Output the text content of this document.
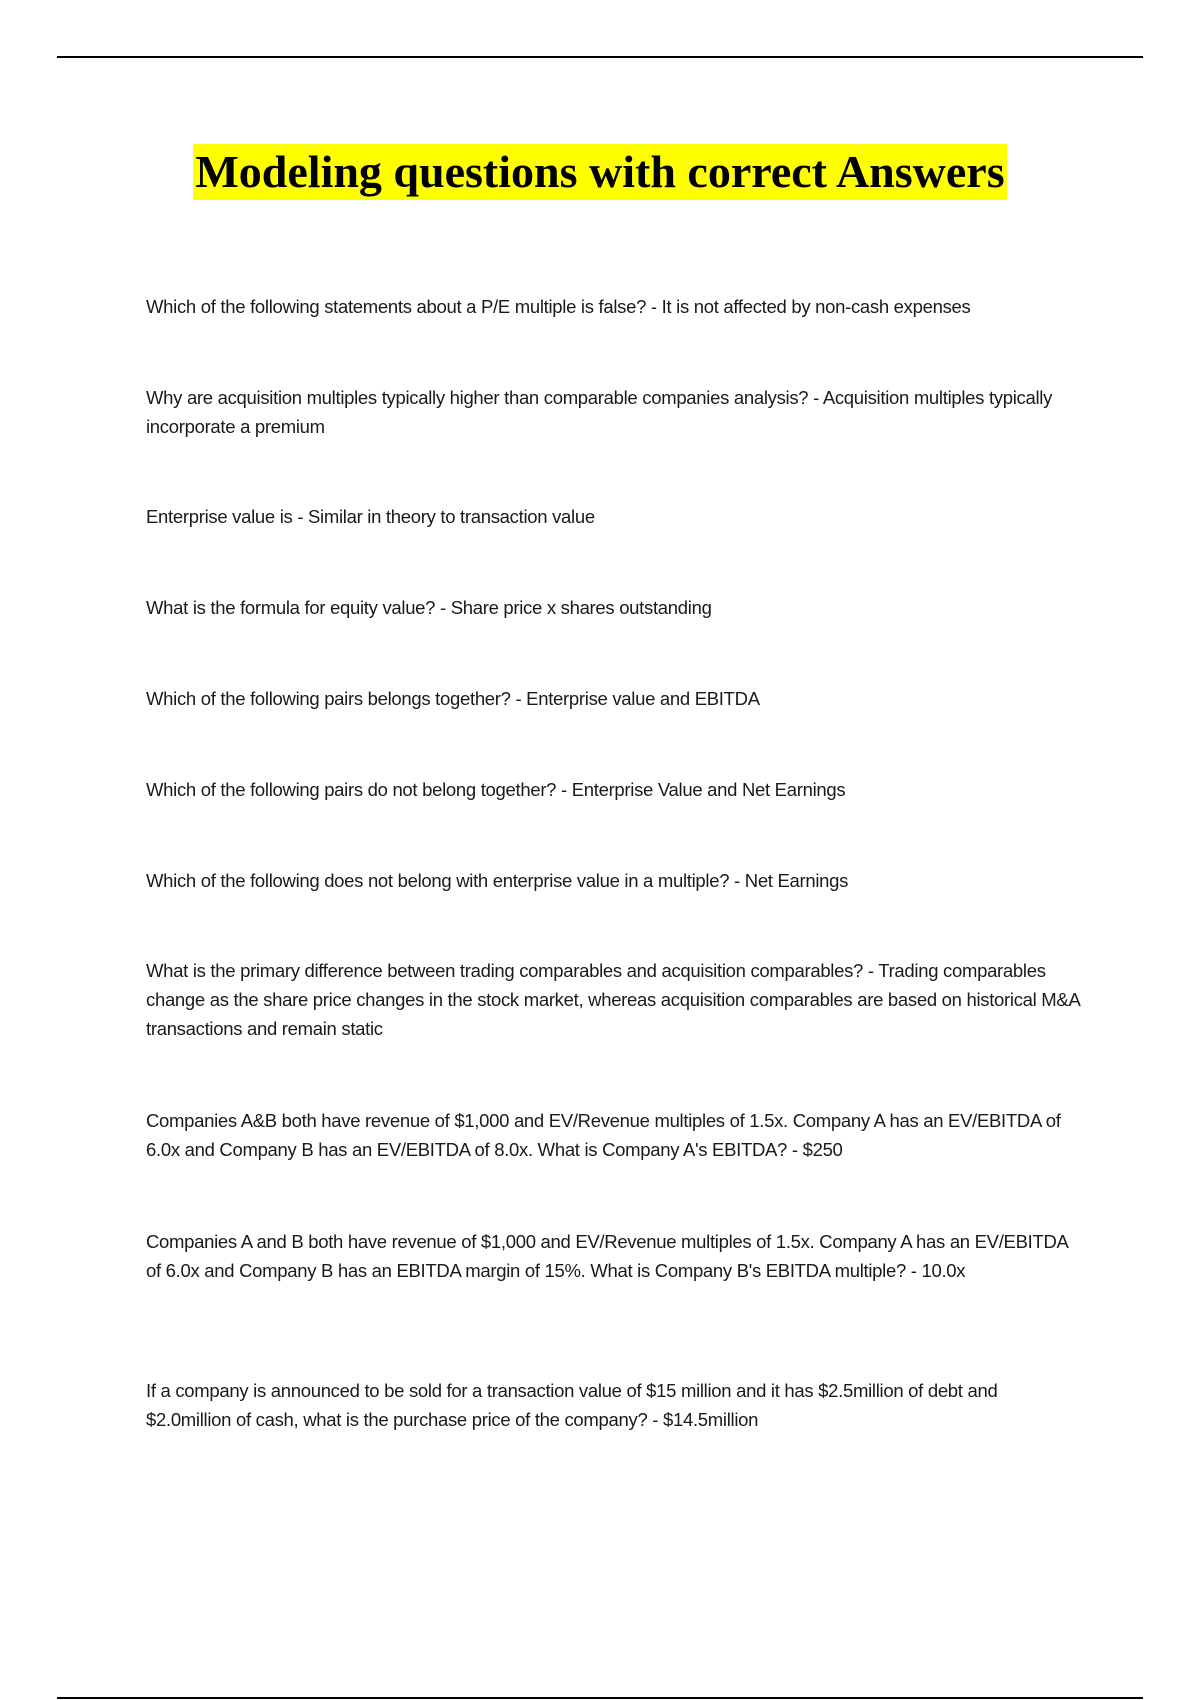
Modeling questions with correct Answers
Which of the following statements about a P/E multiple is false? - It is not affected by non-cash expenses
Why are acquisition multiples typically higher than comparable companies analysis? - Acquisition multiples typically incorporate a premium
Enterprise value is - Similar in theory to transaction value
What is the formula for equity value? - Share price x shares outstanding
Which of the following pairs belongs together? - Enterprise value and EBITDA
Which of the following pairs do not belong together? - Enterprise Value and Net Earnings
Which of the following does not belong with enterprise value in a multiple? - Net Earnings
What is the primary difference between trading comparables and acquisition comparables? - Trading comparables change as the share price changes in the stock market, whereas acquisition comparables are based on historical M&A transactions and remain static
Companies A&B both have revenue of $1,000 and EV/Revenue multiples of 1.5x. Company A has an EV/EBITDA of 6.0x and Company B has an EV/EBITDA of 8.0x. What is Company A's EBITDA? - $250
Companies A and B both have revenue of $1,000 and EV/Revenue multiples of 1.5x. Company A has an EV/EBITDA of 6.0x and Company B has an EBITDA margin of 15%. What is Company B's EBITDA multiple? - 10.0x
If a company is announced to be sold for a transaction value of $15 million and it has $2.5million of debt and $2.0million of cash, what is the purchase price of the company? - $14.5million
